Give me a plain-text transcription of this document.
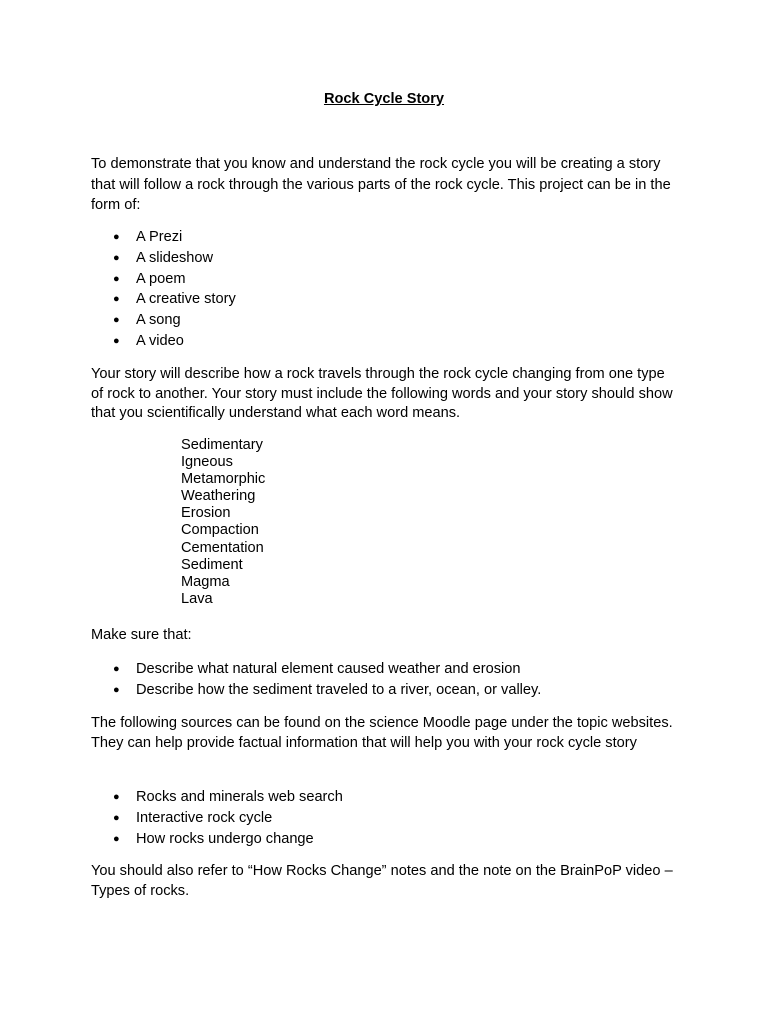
Rock Cycle Story

To demonstrate that you know and understand the rock cycle you will be creating a story that will follow a rock through the various parts of the rock cycle. This project can be in the form of:

● A Prezi
● A slideshow
● A poem
● A creative story
● A song
● A video

Your story will describe how a rock travels through the rock cycle changing from one type of rock to another. Your story must include the following words and your story should show that you scientifically understand what each word means.

Sedimentary
Igneous
Metamorphic
Weathering
Erosion
Compaction
Cementation
Sediment
Magma
Lava

Make sure that:

● Describe what natural element caused weather and erosion
● Describe how the sediment traveled to a river, ocean, or valley.

The following sources can be found on the science Moodle page under the topic websites. They can help provide factual information that will help you with your rock cycle story

● Rocks and minerals web search
● Interactive rock cycle
● How rocks undergo change

You should also refer to “How Rocks Change” notes and the note on the BrainPoP video – Types of rocks.
